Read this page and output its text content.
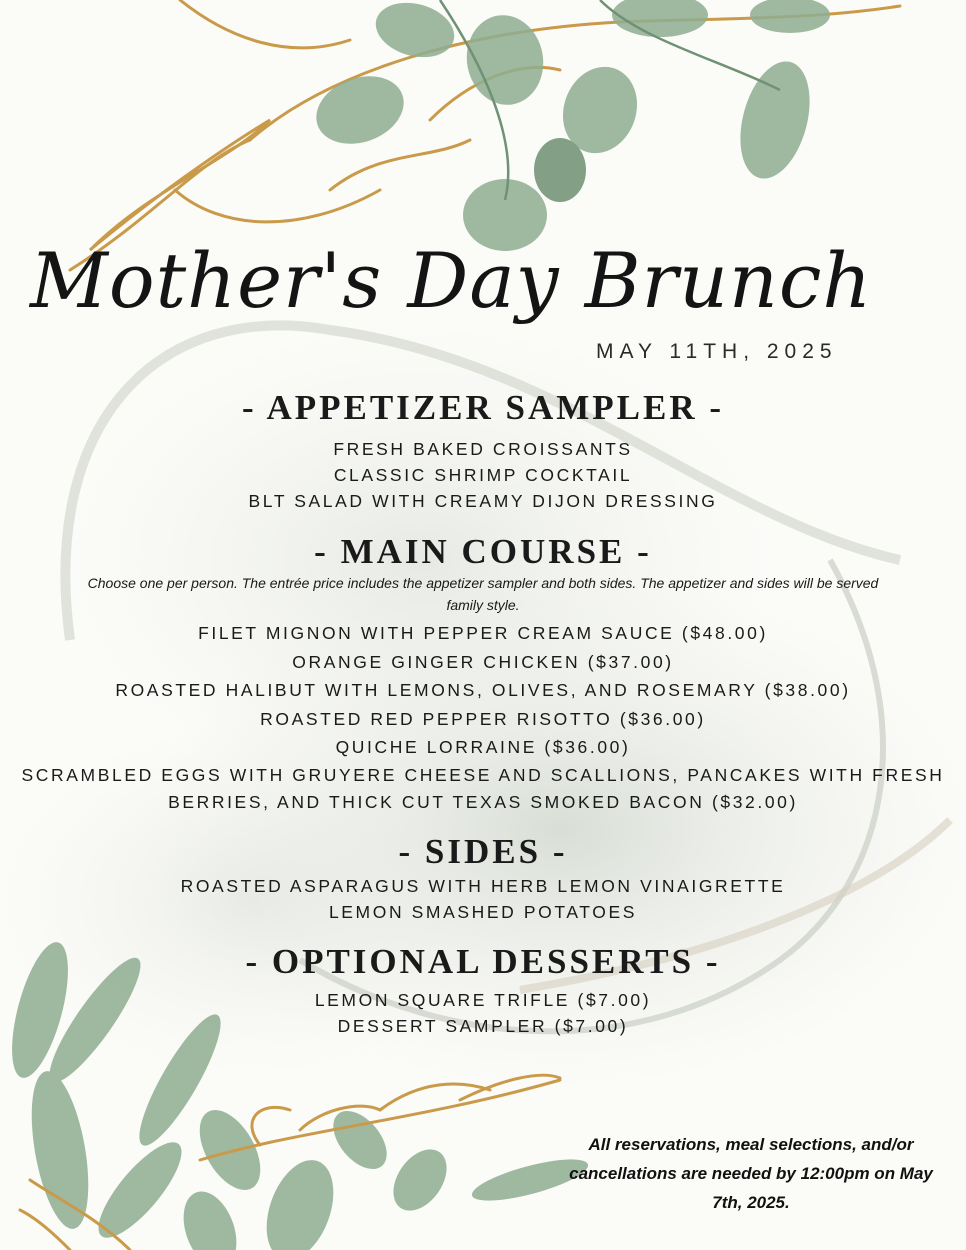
Mother's Day Brunch
MAY 11TH, 2025
- APPETIZER SAMPLER -
FRESH BAKED CROISSANTS
CLASSIC SHRIMP COCKTAIL
BLT SALAD WITH CREAMY DIJON DRESSING
- MAIN COURSE -

Choose one per person. The entrée price includes the appetizer sampler and both sides. The appetizer and sides will be served family style.

FILET MIGNON WITH PEPPER CREAM SAUCE ($48.00)
ORANGE GINGER CHICKEN ($37.00)
ROASTED HALIBUT WITH LEMONS, OLIVES, AND ROSEMARY ($38.00)
ROASTED RED PEPPER RISOTTO ($36.00)
QUICHE LORRAINE ($36.00)
SCRAMBLED EGGS WITH GRUYERE CHEESE AND SCALLIONS, PANCAKES WITH FRESH
BERRIES, AND THICK CUT TEXAS SMOKED BACON ($32.00)
- SIDES -
ROASTED ASPARAGUS WITH HERB LEMON VINAIGRETTE
LEMON SMASHED POTATOES
- OPTIONAL DESSERTS -
LEMON SQUARE TRIFLE ($7.00)
DESSERT SAMPLER ($7.00)
All reservations, meal selections, and/or cancellations are needed by 12:00pm on May 7th, 2025.
